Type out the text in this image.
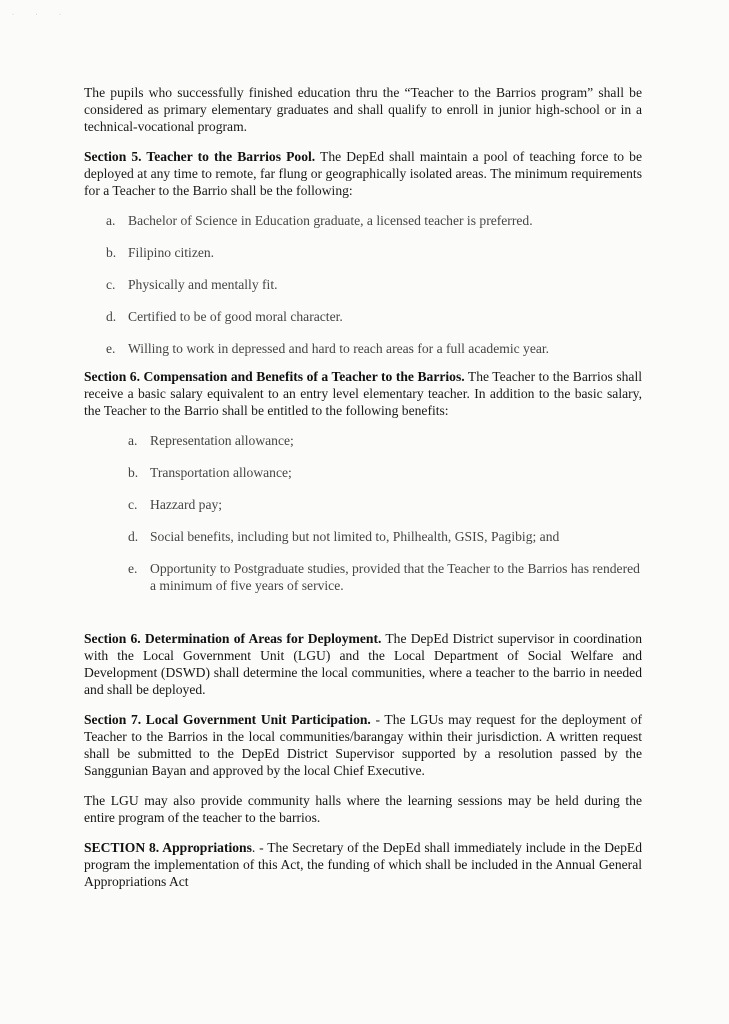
· · ·

The pupils who successfully finished education thru the “Teacher to the Barrios program” shall be considered as primary elementary graduates and shall qualify to enroll in junior high-school or in a technical-vocational program.

Section 5. Teacher to the Barrios Pool. The DepEd shall maintain a pool of teaching force to be deployed at any time to remote, far flung or geographically isolated areas. The minimum requirements for a Teacher to the Barrio shall be the following:

a. Bachelor of Science in Education graduate, a licensed teacher is preferred.
b. Filipino citizen.
c. Physically and mentally fit.
d. Certified to be of good moral character.
e. Willing to work in depressed and hard to reach areas for a full academic year.

Section 6. Compensation and Benefits of a Teacher to the Barrios. The Teacher to the Barrios shall receive a basic salary equivalent to an entry level elementary teacher. In addition to the basic salary, the Teacher to the Barrio shall be entitled to the following benefits:

a. Representation allowance;
b. Transportation allowance;
c. Hazzard pay;
d. Social benefits, including but not limited to, Philhealth, GSIS, Pagibig; and
e. Opportunity to Postgraduate studies, provided that the Teacher to the Barrios has rendered a minimum of five years of service.

Section 6. Determination of Areas for Deployment. The DepEd District supervisor in coordination with the Local Government Unit (LGU) and the Local Department of Social Welfare and Development (DSWD) shall determine the local communities, where a teacher to the barrio in needed and shall be deployed.

Section 7. Local Government Unit Participation. - The LGUs may request for the deployment of Teacher to the Barrios in the local communities/barangay within their jurisdiction. A written request shall be submitted to the DepEd District Supervisor supported by a resolution passed by the Sanggunian Bayan and approved by the local Chief Executive.

The LGU may also provide community halls where the learning sessions may be held during the entire program of the teacher to the barrios.

SECTION 8. Appropriations. - The Secretary of the DepEd shall immediately include in the DepEd program the implementation of this Act, the funding of which shall be included in the Annual General Appropriations Act
